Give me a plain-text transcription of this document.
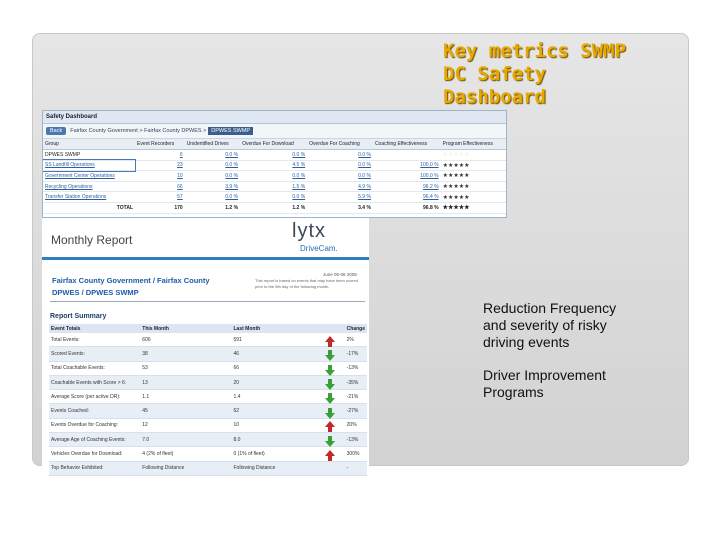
Key metrics SWMP
DC Safety
Dashboard

Reduction Frequency and severity of risky driving events

Driver Improvement Programs

Safety Dashboard
Back	Fairfax County Government > Fairfax County DPWES > DPWES SWMP
Group	Event Recorders	Unidentified Drives	Overdue For Download	Overdue For Coaching	Coaching Effectiveness	Program Effectiveness
DPWES SWMP	6	0.0 %	0.0 %	0.0 %		☆☆☆☆☆
SS Landfill Operations	23	0.0 %	4.5 %	0.0 %	100.0 %	★★★★★
Government Center Operations	10	0.0 %	0.0 %	0.0 %	100.0 %	★★★★★
Recycling Operations	66	3.9 %	1.5 %	4.9 %	96.2 %	★★★★★
Transfer Station Operations	57	0.0 %	0.0 %	5.9 %	96.4 %	★★★★★
TOTAL	170	1.2 %	1.2 %	3.4 %	96.8 %	★★★★★
Monthly Report	lytx
DriveCam.
Fairfax County Government / Fairfax County
DPWES / DPWES SWMP
June 05-08 2008
This report is based on events that may have been scored prior to the 5th day of the following month.
Report Summary
Event Totals	This Month	Last Month		Change
Total Events:	606	591		2%
Scored Events:	38	46		-17%
Total Coachable Events:	53	66		-13%
Coachable Events with Score > 6:	13	20		-35%
Average Score (per active DR):	1.1	1.4		-21%
Events Coached:	45	62		-27%
Events Overdue for Coaching:	12	10		20%
Average Age of Coaching Events:	7.0	8.0		-13%
Vehicles Overdue for Download:	4 (2% of fleet)	0 (1% of fleet)		300%
Top Behavior Exhibited:	Following Distance	Following Distance		-
